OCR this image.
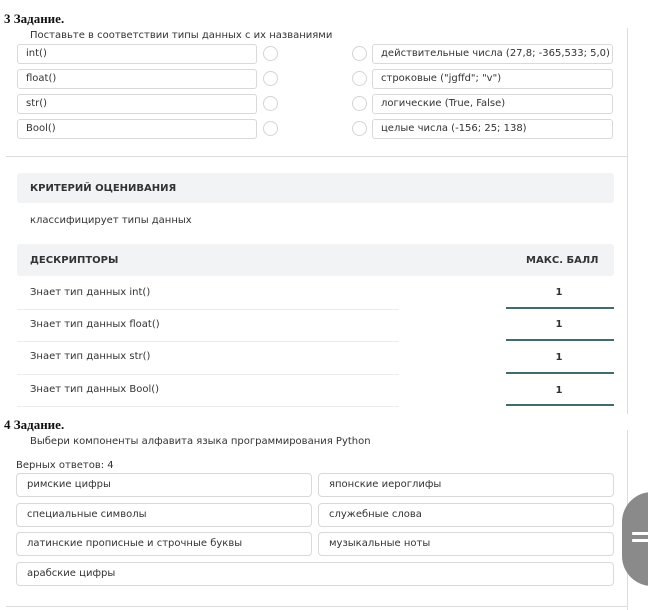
3 Задание.
Поставьте в соответствии типы данных с их названиями
int()
float()
str()
Bool()
действительные числа (27,8; -365,533; 5,0)
строковые ("jgffd"; "v")
логические (True, False)
целые числа (-156; 25; 138)
КРИТЕРИЙ ОЦЕНИВАНИЯ
классифицирует типы данных
ДЕСКРИПТОРЫ	МАКС. БАЛЛ
Знает тип данных int()	1
Знает тип данных float()	1
Знает тип данных str()	1
Знает тип данных Bool()	1
4 Задание.
Выбери компоненты алфавита языка программирования Python
Верных ответов: 4
римские цифры	японские иероглифы
специальные символы	служебные слова
латинские прописные и строчные буквы	музыкальные ноты
арабские цифры
